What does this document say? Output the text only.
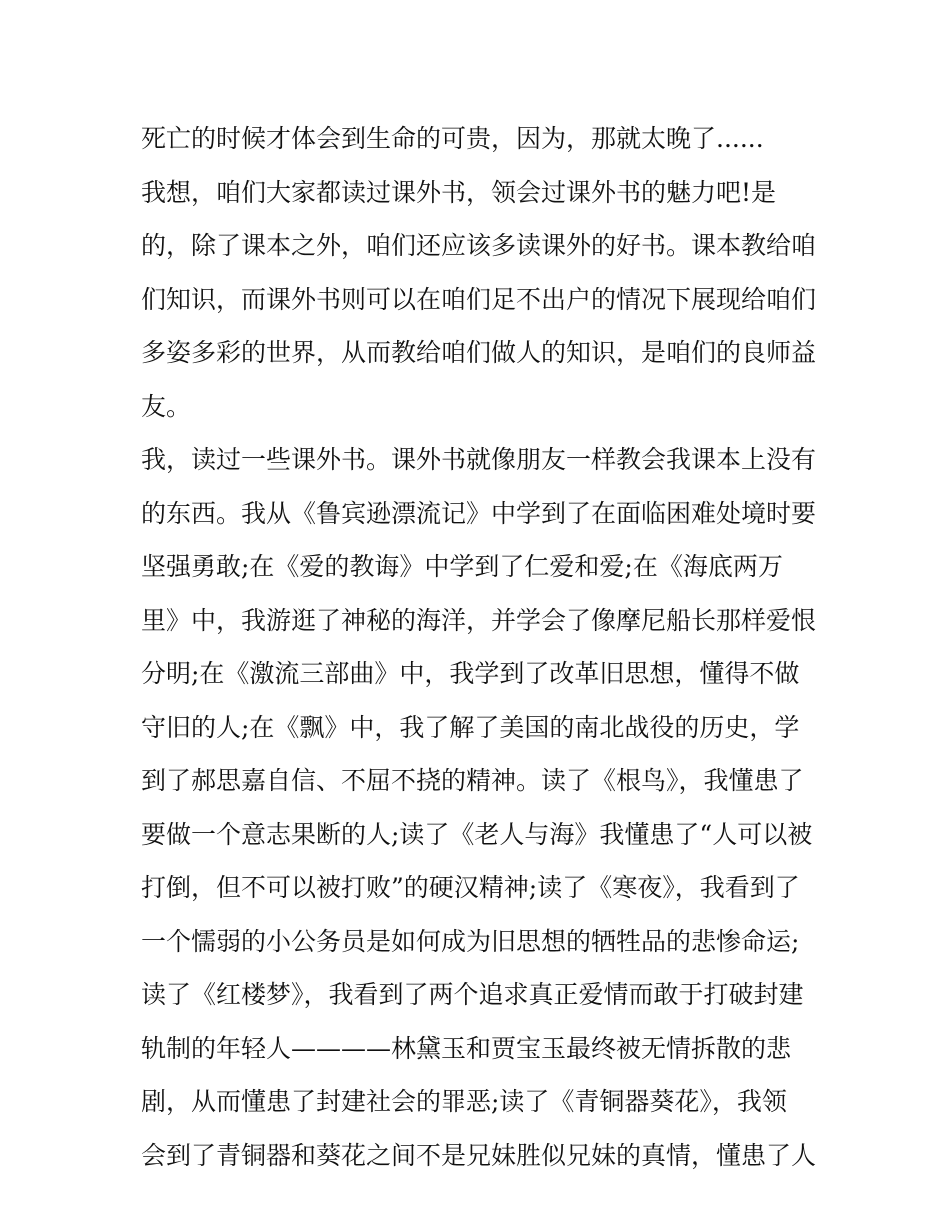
死亡的时候才体会到生命的可贵，因为，那就太晚了......
我想，咱们大家都读过课外书，领会过课外书的魅力吧!是
的，除了课本之外，咱们还应该多读课外的好书。课本教给咱
们知识，而课外书则可以在咱们足不出户的情况下展现给咱们
多姿多彩的世界，从而教给咱们做人的知识，是咱们的良师益
友。
我，读过一些课外书。课外书就像朋友一样教会我课本上没有
的东西。我从《鲁宾逊漂流记》中学到了在面临困难处境时要
坚强勇敢;在《爱的教诲》中学到了仁爱和爱;在《海底两万
里》中，我游逛了神秘的海洋，并学会了像摩尼船长那样爱恨
分明;在《激流三部曲》中，我学到了改革旧思想，懂得不做
守旧的人;在《飘》中，我了解了美国的南北战役的历史，学
到了郝思嘉自信、不屈不挠的精神。读了《根鸟》，我懂患了
要做一个意志果断的人;读了《老人与海》我懂患了“人可以被
打倒，但不可以被打败”的硬汉精神;读了《寒夜》，我看到了
一个懦弱的小公务员是如何成为旧思想的牺牲品的悲惨命运;
读了《红楼梦》，我看到了两个追求真正爱情而敢于打破封建
轨制的年轻人————林黛玉和贾宝玉最终被无情拆散的悲
剧，从而懂患了封建社会的罪恶;读了《青铜器葵花》，我领
会到了青铜器和葵花之间不是兄妹胜似兄妹的真情，懂患了人
